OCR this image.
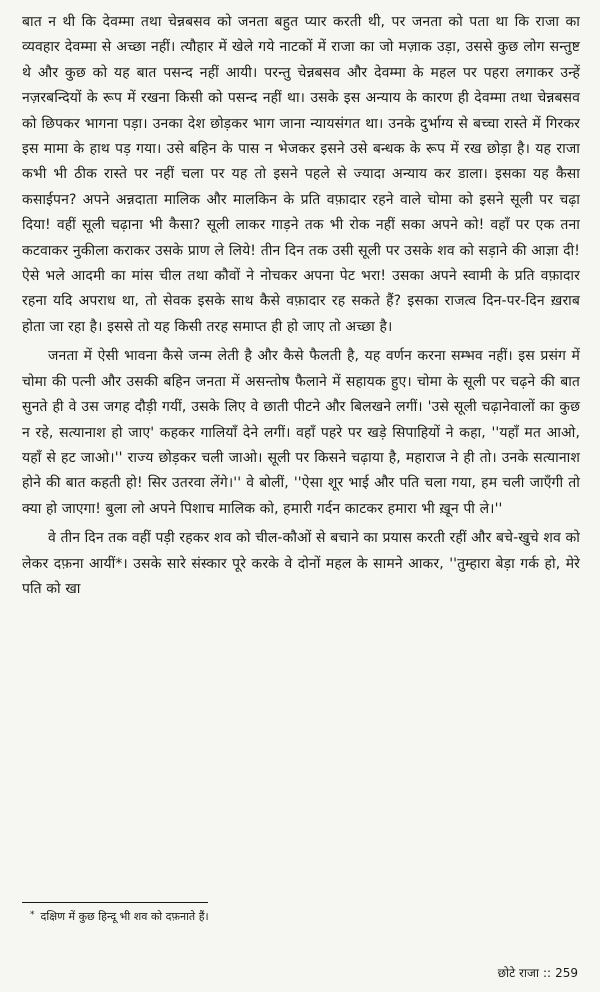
बात न थी कि देवम्मा तथा चेन्नबसव को जनता बहुत प्यार करती थी, पर जनता को पता था कि राजा का व्यवहार देवम्मा से अच्छा नहीं। त्यौहार में खेले गये नाटकों में राजा का जो मज़ाक उड़ा, उससे कुछ लोग सन्तुष्ट थे और कुछ को यह बात पसन्द नहीं आयी। परन्तु चेन्नबसव और देवम्मा के महल पर पहरा लगाकर उन्हें नज़रबन्दियों के रूप में रखना किसी को पसन्द नहीं था। उसके इस अन्याय के कारण ही देवम्मा तथा चेन्नबसव को छिपकर भागना पड़ा। उनका देश छोड़कर भाग जाना न्यायसंगत था। उनके दुर्भाग्य से बच्चा रास्ते में गिरकर इस मामा के हाथ पड़ गया। उसे बहिन के पास न भेजकर इसने उसे बन्धक के रूप में रख छोड़ा है। यह राजा कभी भी ठीक रास्ते पर नहीं चला पर यह तो इसने पहले से ज्यादा अन्याय कर डाला। इसका यह कैसा कसाईपन? अपने अन्नदाता मालिक और मालकिन के प्रति वफ़ादार रहने वाले चोमा को इसने सूली पर चढ़ा दिया! वहीं सूली चढ़ाना भी कैसा? सूली लाकर गाड़ने तक भी रोक नहीं सका अपने को! वहाँ पर एक तना कटवाकर नुकीला कराकर उसके प्राण ले लिये! तीन दिन तक उसी सूली पर उसके शव को सड़ाने की आज्ञा दी! ऐसे भले आदमी का मांस चील तथा कौवों ने नोचकर अपना पेट भरा! उसका अपने स्वामी के प्रति वफ़ादार रहना यदि अपराध था, तो सेवक इसके साथ कैसे वफ़ादार रह सकते हैं? इसका राजत्व दिन-पर-दिन ख़राब होता जा रहा है। इससे तो यह किसी तरह समाप्त ही हो जाए तो अच्छा है।

जनता में ऐसी भावना कैसे जन्म लेती है और कैसे फैलती है, यह वर्णन करना सम्भव नहीं। इस प्रसंग में चोमा की पत्नी और उसकी बहिन जनता में असन्तोष फैलाने में सहायक हुए। चोमा के सूली पर चढ़ने की बात सुनते ही वे उस जगह दौड़ी गयीं, उसके लिए वे छाती पीटने और बिलखने लगीं। 'उसे सूली चढ़ानेवालों का कुछ न रहे, सत्यानाश हो जाए' कहकर गालियाँ देने लगीं। वहाँ पहरे पर खड़े सिपाहियों ने कहा, ''यहाँ मत आओ, यहाँ से हट जाओ।'' राज्य छोड़कर चली जाओ। सूली पर किसने चढ़ाया है, महाराज ने ही तो। उनके सत्यानाश होने की बात कहती हो! सिर उतरवा लेंगे।'' वे बोलीं, ''ऐसा शूर भाई और पति चला गया, हम चली जाएँगी तो क्या हो जाएगा! बुला लो अपने पिशाच मालिक को, हमारी गर्दन काटकर हमारा भी ख़ून पी ले।''

वे तीन दिन तक वहीं पड़ी रहकर शव को चील-कौओं से बचाने का प्रयास करती रहीं और बचे-खुचे शव को लेकर दफ़ना आयीं*। उसके सारे संस्कार पूरे करके वे दोनों महल के सामने आकर, ''तुम्हारा बेड़ा गर्क हो, मेरे पति को खा

* दक्षिण में कुछ हिन्दू भी शव को दफ़नाते हैं।
छोटे राजा :: 259
